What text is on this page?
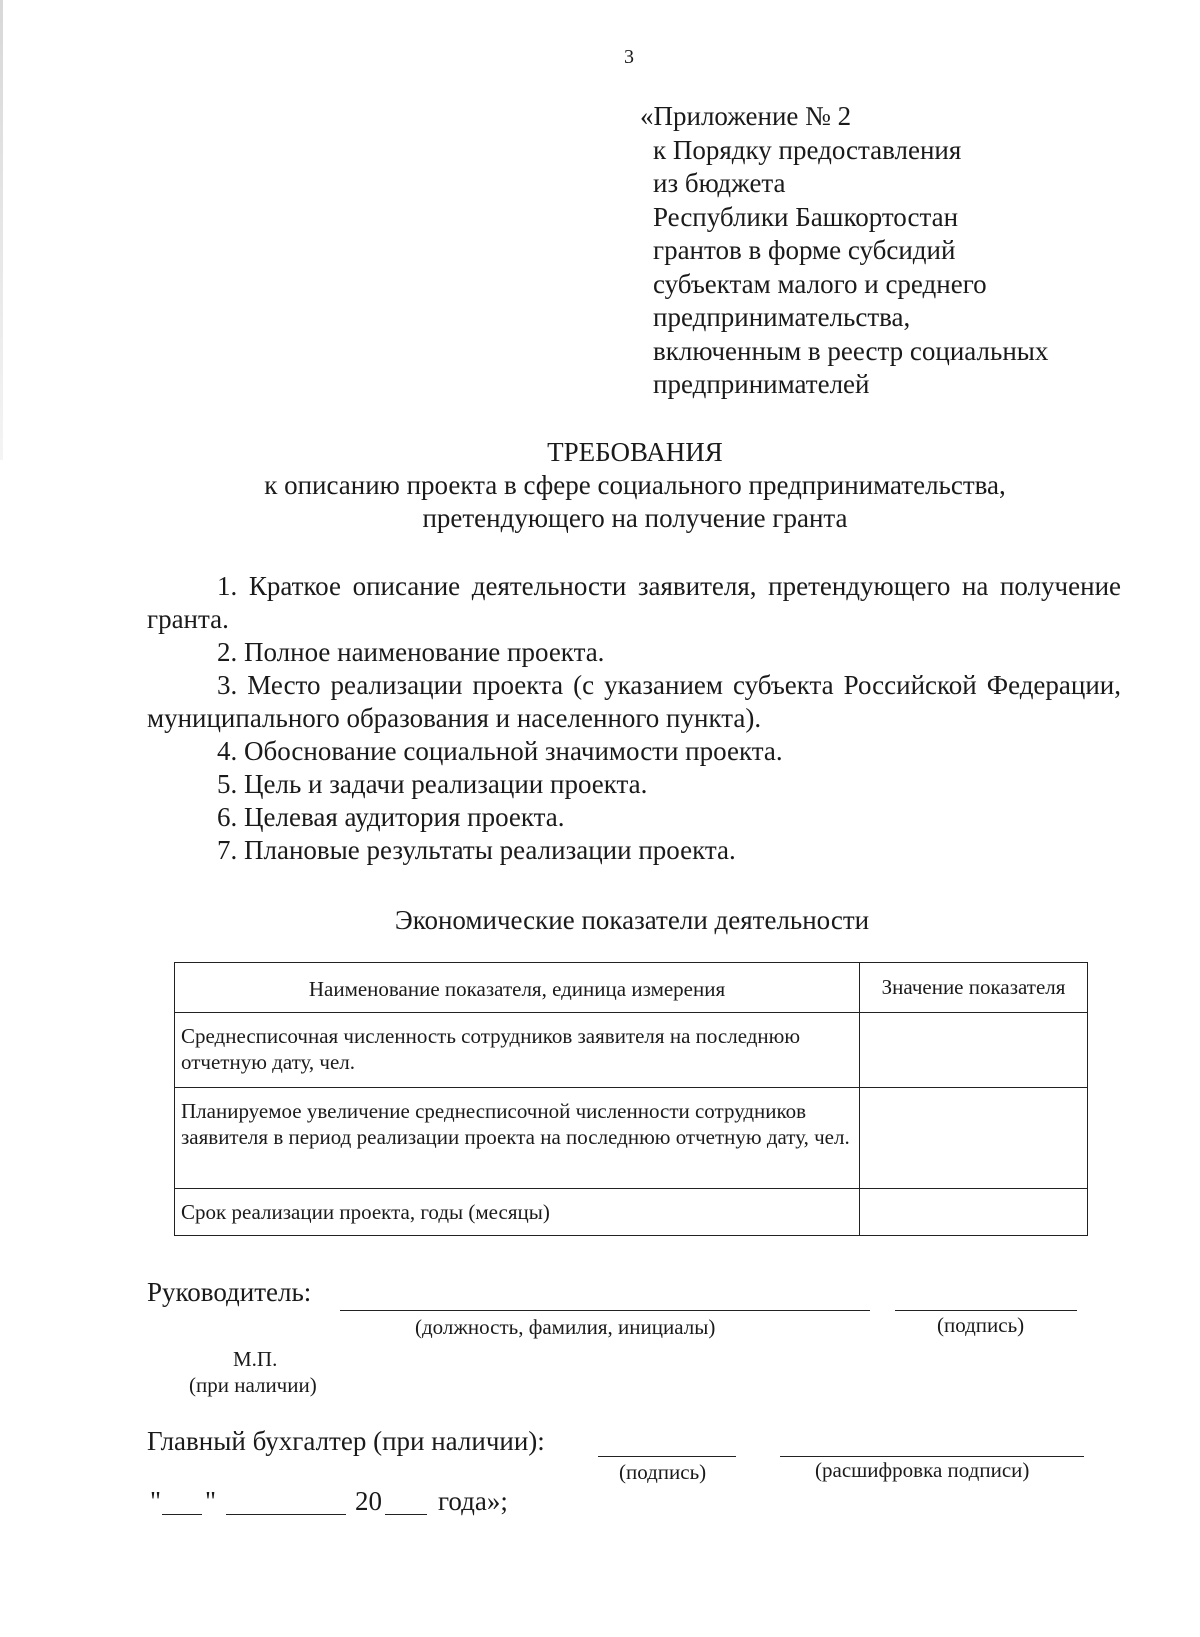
3
«Приложение № 2
к Порядку предоставления
из бюджета
Республики Башкортостан
грантов в форме субсидий
субъектам малого и среднего
предпринимательства,
включенным в реестр социальных
предпринимателей
ТРЕБОВАНИЯ
к описанию проекта в сфере социального предпринимательства,
претендующего на получение гранта
1. Краткое описание деятельности заявителя, претендующего на получение гранта.
2. Полное наименование проекта.
3. Место реализации проекта (с указанием субъекта Российской Федерации, муниципального образования и населенного пункта).
4. Обоснование социальной значимости проекта.
5. Цель и задачи реализации проекта.
6. Целевая аудитория проекта.
7. Плановые результаты реализации проекта.
Экономические показатели деятельности
Наименование показателя, единица измерения	Значение показателя
Среднесписочная численность сотрудников заявителя на последнюю отчетную дату, чел.	
Планируемое увеличение среднесписочной численности сотрудников заявителя в период реализации проекта на последнюю отчетную дату, чел.	
Срок реализации проекта, годы (месяцы)	
Руководитель:
(должность, фамилия, инициалы)	(подпись)
М.П.
(при наличии)
Главный бухгалтер (при наличии):
(подпись)	(расшифровка подписи)
" "	20 года»;
